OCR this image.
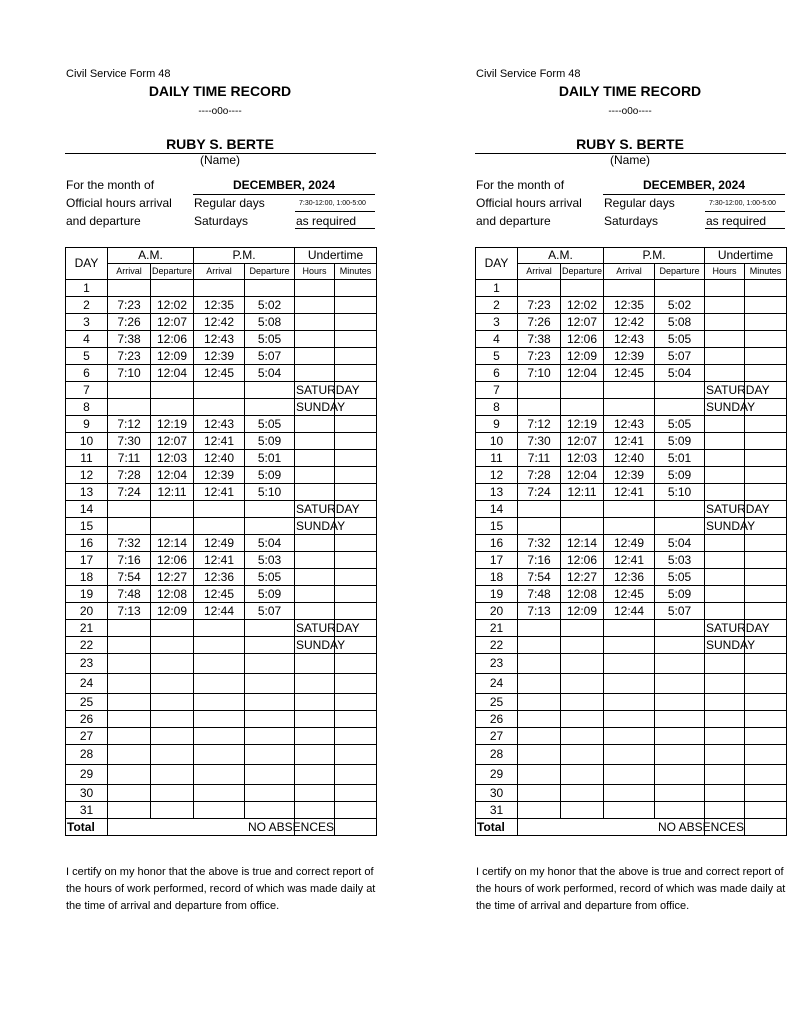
Civil Service Form 48
DAILY TIME RECORD
----o0o----
RUBY S. BERTE
(Name)
For the month of	DECEMBER, 2024
Official hours arrival Regular days	7:30-12:00, 1:00-5:00
and departure	Saturdays	as required
DAY	A.M.		P.M.		Undertime	
	Arrival	Departure	Arrival	Departure	Hours	Minutes
1						
2	7:23	12:02	12:35	5:02		
3	7:26	12:07	12:42	5:08		
4	7:38	12:06	12:43	5:05		
5	7:23	12:09	12:39	5:07		
6	7:10	12:04	12:45	5:04		
7					SATURDAY	
8					SUNDAY	
9	7:12	12:19	12:43	5:05		
10	7:30	12:07	12:41	5:09		
11	7:11	12:03	12:40	5:01		
12	7:28	12:04	12:39	5:09		
13	7:24	12:11	12:41	5:10		
14					SATURDAY	
15					SUNDAY	
16	7:32	12:14	12:49	5:04		
17	7:16	12:06	12:41	5:03		
18	7:54	12:27	12:36	5:05		
19	7:48	12:08	12:45	5:09		
20	7:13	12:09	12:44	5:07		
21					SATURDAY	
22					SUNDAY	
23						
24						
25						
26						
27						
28						
29						
30						
31						
Total	NO ABSENCES					
I certify on my honor that the above is true and correct report of the hours of work performed, record of which was made daily at the time of arrival and departure from office.
Civil Service Form 48
DAILY TIME RECORD
----o0o----
RUBY S. BERTE
(Name)
For the month of	DECEMBER, 2024
Official hours arrival Regular days	7:30-12:00, 1:00-5:00
and departure	Saturdays	as required
DAY	A.M.		P.M.		Undertime	
	Arrival	Departure	Arrival	Departure	Hours	Minutes
1						
2	7:23	12:02	12:35	5:02		
3	7:26	12:07	12:42	5:08		
4	7:38	12:06	12:43	5:05		
5	7:23	12:09	12:39	5:07		
6	7:10	12:04	12:45	5:04		
7					SATURDAY	
8					SUNDAY	
9	7:12	12:19	12:43	5:05		
10	7:30	12:07	12:41	5:09		
11	7:11	12:03	12:40	5:01		
12	7:28	12:04	12:39	5:09		
13	7:24	12:11	12:41	5:10		
14					SATURDAY	
15					SUNDAY	
16	7:32	12:14	12:49	5:04		
17	7:16	12:06	12:41	5:03		
18	7:54	12:27	12:36	5:05		
19	7:48	12:08	12:45	5:09		
20	7:13	12:09	12:44	5:07		
21					SATURDAY	
22					SUNDAY	
23						
24						
25						
26						
27						
28						
29						
30						
31						
Total	NO ABSENCES					
I certify on my honor that the above is true and correct report of the hours of work performed, record of which was made daily at the time of arrival and departure from office.
